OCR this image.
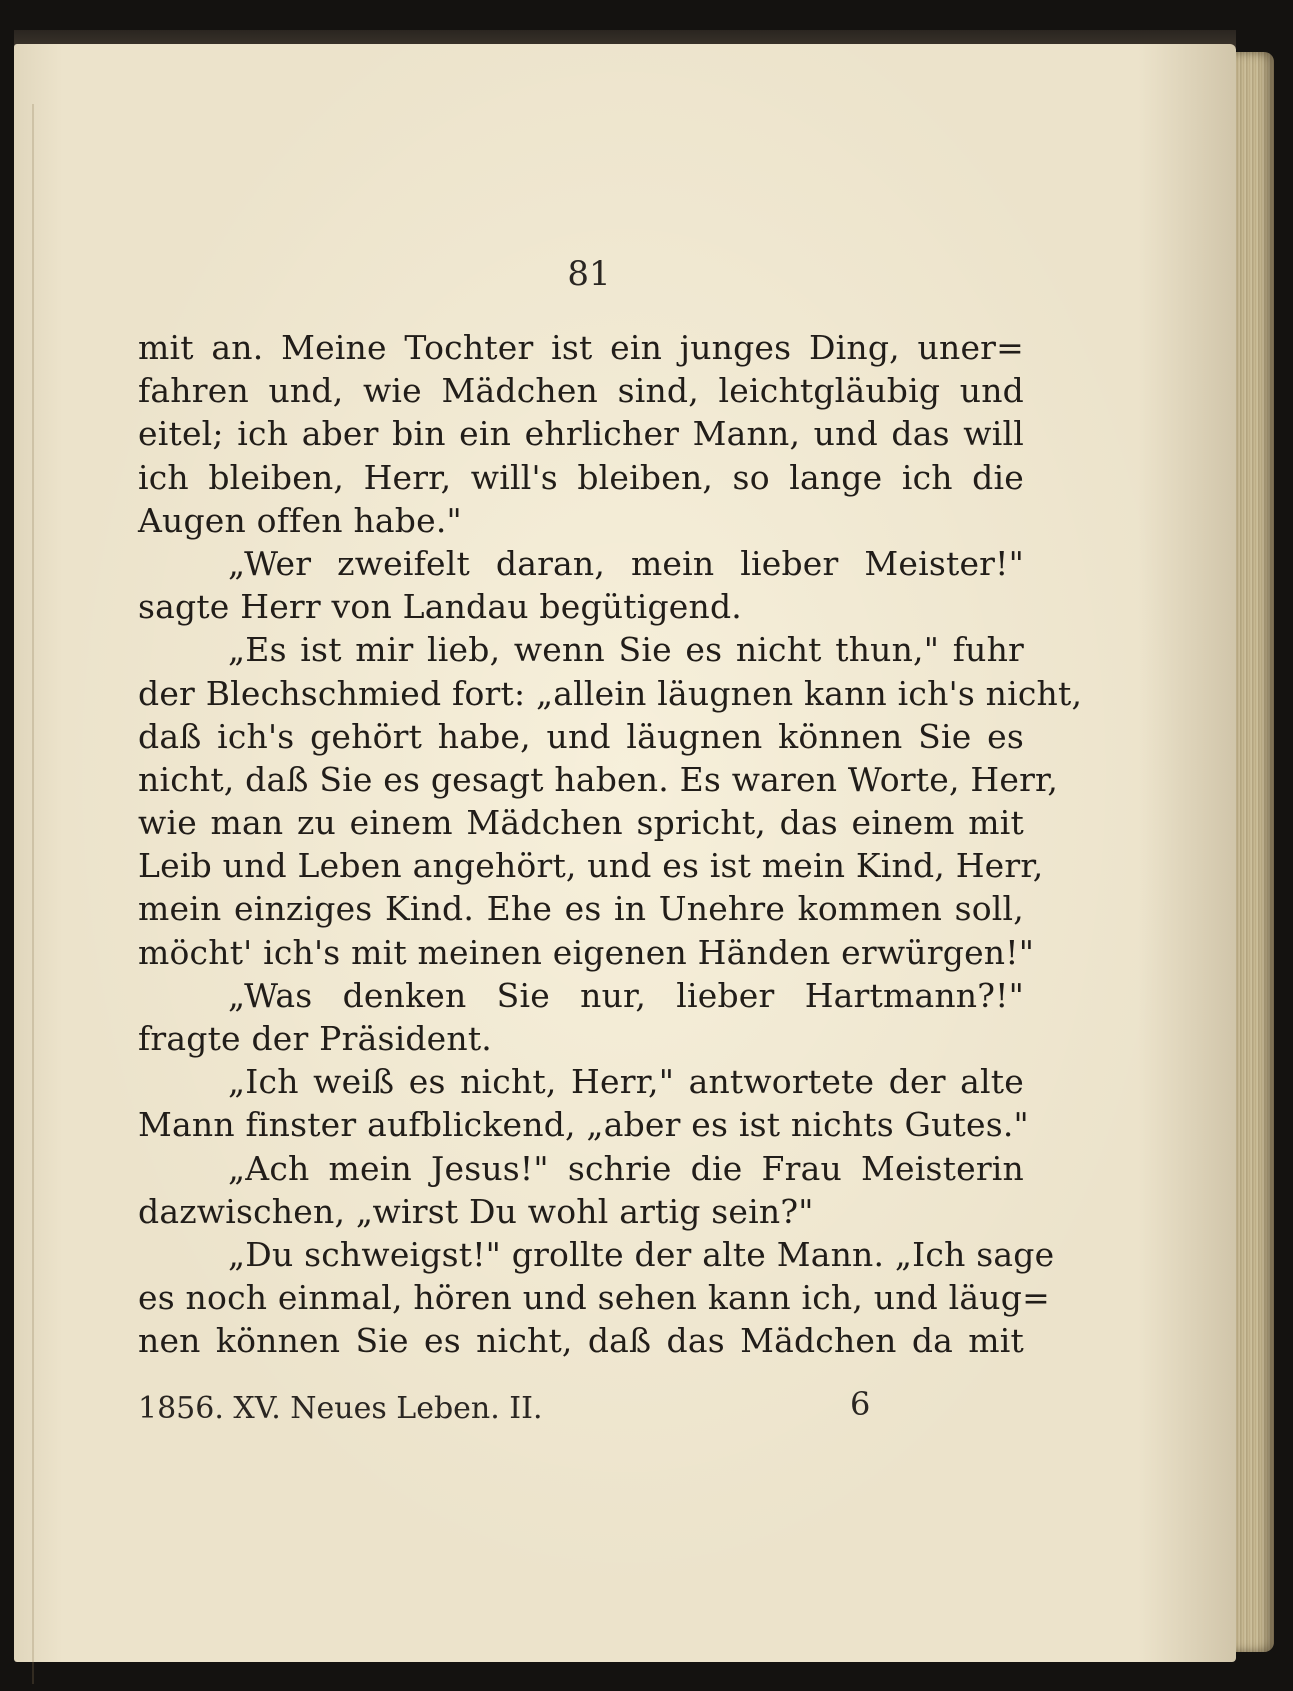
81
mit an. Meine Tochter ist ein junges Ding, uner=
fahren und, wie Mädchen sind, leichtgläubig und
eitel; ich aber bin ein ehrlicher Mann, und das will
ich bleiben, Herr, will's bleiben, so lange ich die
Augen offen habe."
„Wer zweifelt daran, mein lieber Meister!"
sagte Herr von Landau begütigend.
„Es ist mir lieb, wenn Sie es nicht thun," fuhr
der Blechschmied fort: „allein läugnen kann ich's nicht,
daß ich's gehört habe, und läugnen können Sie es
nicht, daß Sie es gesagt haben. Es waren Worte, Herr,
wie man zu einem Mädchen spricht, das einem mit
Leib und Leben angehört, und es ist mein Kind, Herr,
mein einziges Kind. Ehe es in Unehre kommen soll,
möcht' ich's mit meinen eigenen Händen erwürgen!"
„Was denken Sie nur, lieber Hartmann?!"
fragte der Präsident.
„Ich weiß es nicht, Herr," antwortete der alte
Mann finster aufblickend, „aber es ist nichts Gutes."
„Ach mein Jesus!" schrie die Frau Meisterin
dazwischen, „wirst Du wohl artig sein?"
„Du schweigst!" grollte der alte Mann. „Ich sage
es noch einmal, hören und sehen kann ich, und läug=
nen können Sie es nicht, daß das Mädchen da mit
1856. XV. Neues Leben. II.	6
